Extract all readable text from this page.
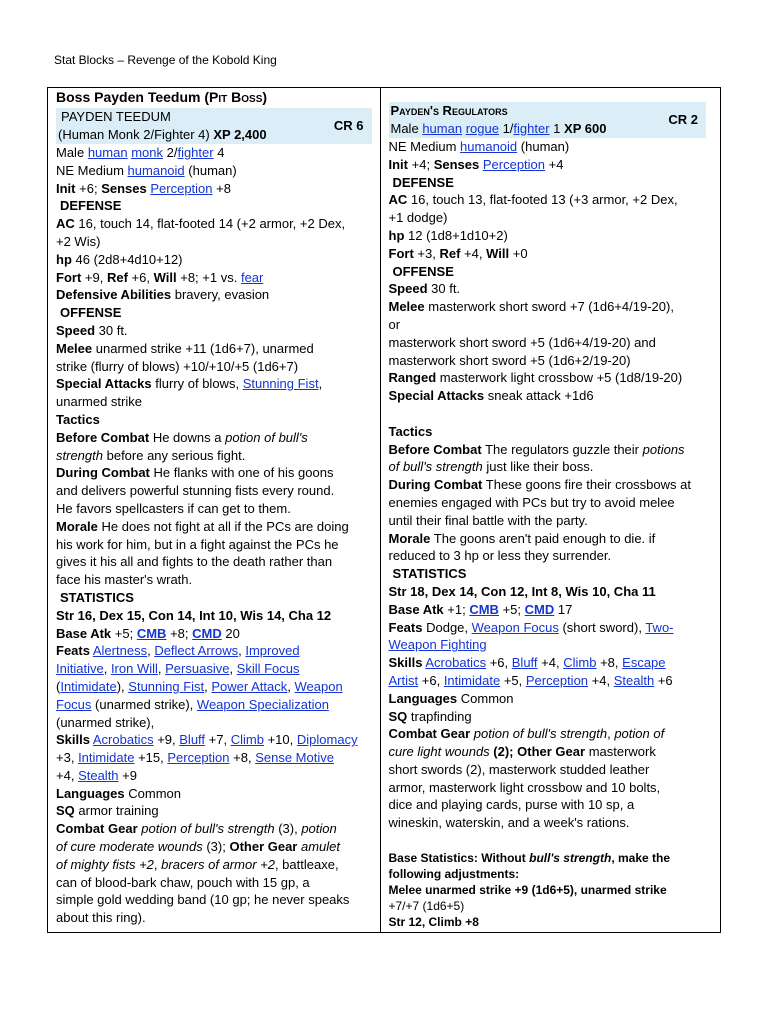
Stat Blocks – Revenge of the Kobold King
Boss Payden Teedum (Pit Boss)
PAYDEN TEEDUM
CR 6
(Human Monk 2/Fighter 4) XP 2,400
Male human monk 2/fighter 4
NE Medium humanoid (human)
Init +6; Senses Perception +8
DEFENSE
AC 16, touch 14, flat-footed 14 (+2 armor, +2 Dex,
+2 Wis)
hp 46 (2d8+4d10+12)
Fort +9, Ref +6, Will +8; +1 vs. fear
Defensive Abilities bravery, evasion
OFFENSE
Speed 30 ft.
Melee unarmed strike +11 (1d6+7), unarmed
strike (flurry of blows) +10/+10/+5 (1d6+7)
Special Attacks flurry of blows, Stunning Fist,
unarmed strike
Tactics
Before Combat He downs a potion of bull's
strength before any serious fight.
During Combat He flanks with one of his goons
and delivers powerful stunning fists every round.
He favors spellcasters if can get to them.
Morale He does not fight at all if the PCs are doing
his work for him, but in a fight against the PCs he
gives it his all and fights to the death rather than
face his master's wrath.
STATISTICS
Str 16, Dex 15, Con 14, Int 10, Wis 14, Cha 12
Base Atk +5; CMB +8; CMD 20
Feats Alertness, Deflect Arrows, Improved
Initiative, Iron Will, Persuasive, Skill Focus
(Intimidate), Stunning Fist, Power Attack, Weapon
Focus (unarmed strike), Weapon Specialization
(unarmed strike),
Skills Acrobatics +9, Bluff +7, Climb +10, Diplomacy
+3, Intimidate +15, Perception +8, Sense Motive
+4, Stealth +9
Languages Common
SQ armor training
Combat Gear potion of bull's strength (3), potion
of cure moderate wounds (3); Other Gear amulet
of mighty fists +2, bracers of armor +2, battleaxe,
can of blood-bark chaw, pouch with 15 gp, a
simple gold wedding band (10 gp; he never speaks
about this ring).
Payden's Regulators
CR 2
Male human rogue 1/fighter 1 XP 600
NE Medium humanoid (human)
Init +4; Senses Perception +4
DEFENSE
AC 16, touch 13, flat-footed 13 (+3 armor, +2 Dex,
+1 dodge)
hp 12 (1d8+1d10+2)
Fort +3, Ref +4, Will +0
OFFENSE
Speed 30 ft.
Melee masterwork short sword +7 (1d6+4/19-20),
or
masterwork short sword +5 (1d6+4/19-20) and
masterwork short sword +5 (1d6+2/19-20)
Ranged masterwork light crossbow +5 (1d8/19-20)
Special Attacks sneak attack +1d6
Tactics
Before Combat The regulators guzzle their potions
of bull's strength just like their boss.
During Combat These goons fire their crossbows at
enemies engaged with PCs but try to avoid melee
until their final battle with the party.
Morale The goons aren't paid enough to die. if
reduced to 3 hp or less they surrender.
STATISTICS
Str 18, Dex 14, Con 12, Int 8, Wis 10, Cha 11
Base Atk +1; CMB +5; CMD 17
Feats Dodge, Weapon Focus (short sword), Two-
Weapon Fighting
Skills Acrobatics +6, Bluff +4, Climb +8, Escape
Artist +6, Intimidate +5, Perception +4, Stealth +6
Languages Common
SQ trapfinding
Combat Gear potion of bull's strength, potion of
cure light wounds (2); Other Gear masterwork
short swords (2), masterwork studded leather
armor, masterwork light crossbow and 10 bolts,
dice and playing cards, purse with 10 sp, a
wineskin, waterskin, and a week's rations.
Base Statistics: Without bull's strength, make the
following adjustments:
Melee unarmed strike +9 (1d6+5), unarmed strike
+7/+7 (1d6+5)
Str 12, Climb +8
